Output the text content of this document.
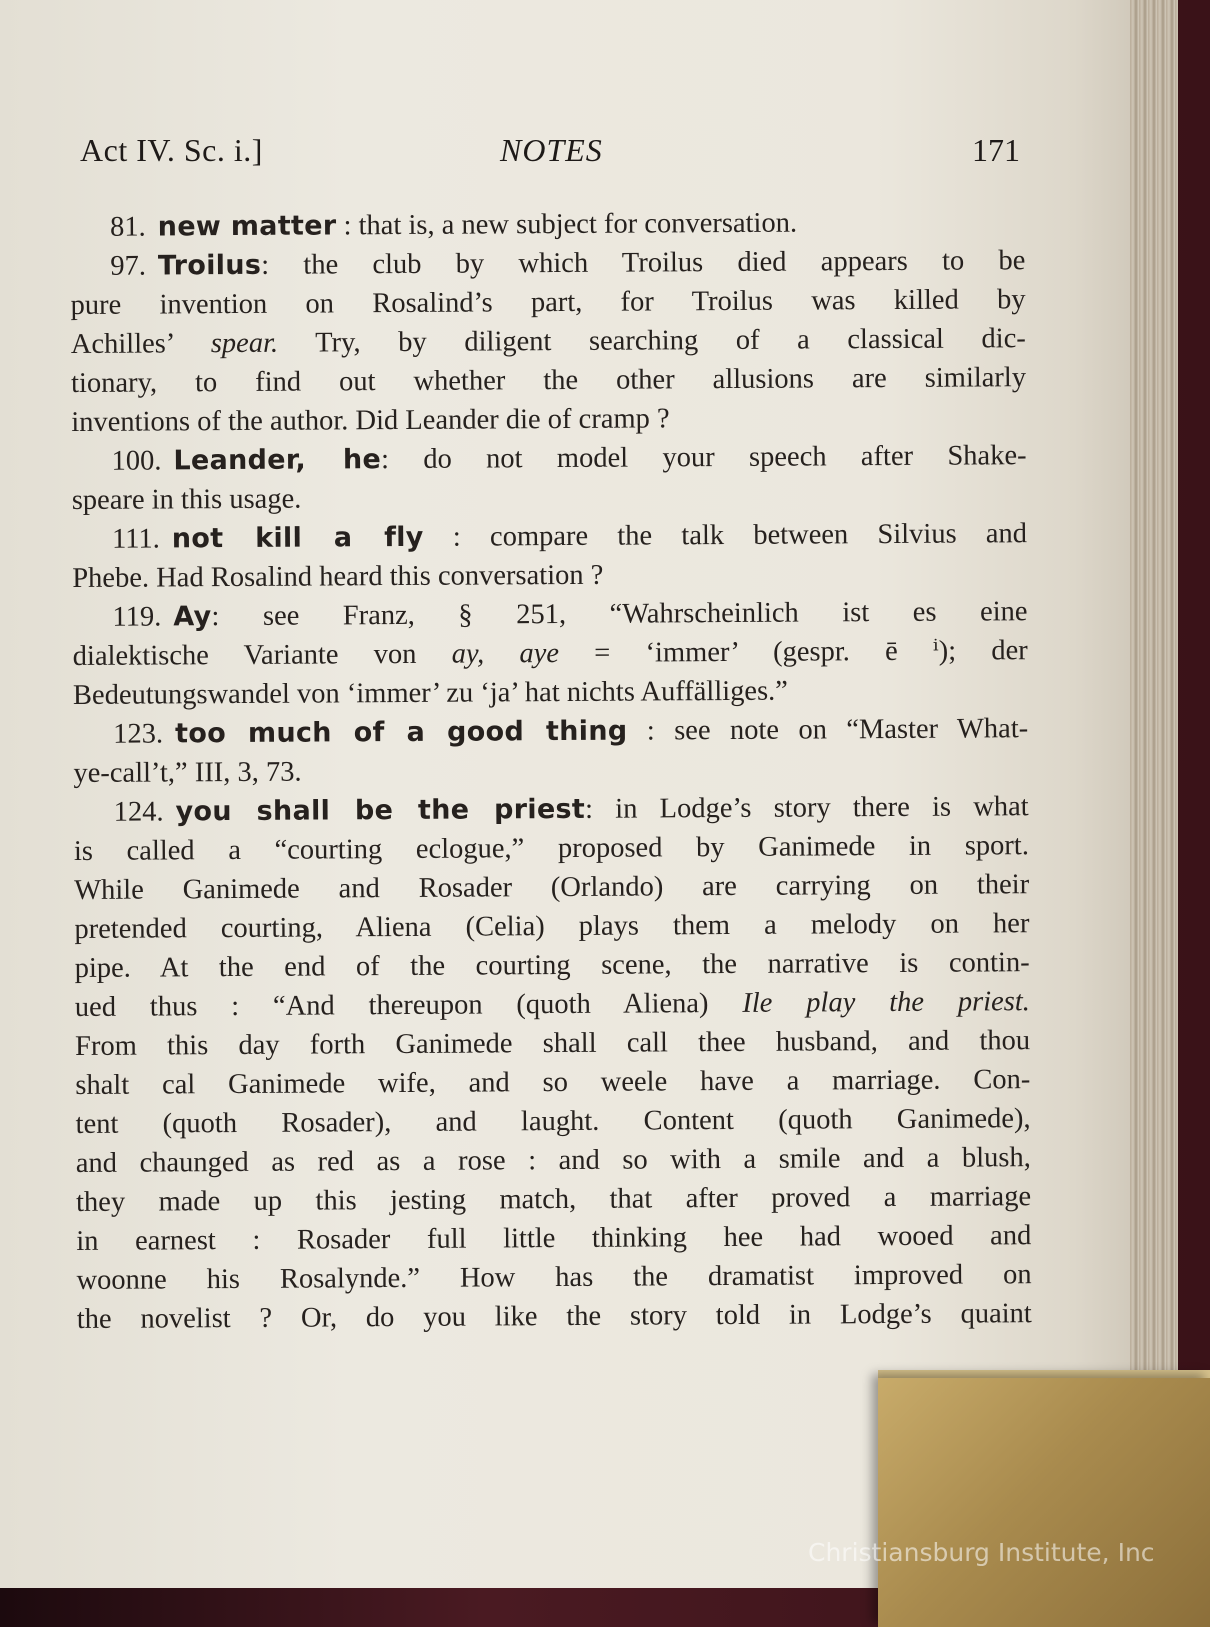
Act IV. Sc. i.]	NOTES	171
81. new matter : that is, a new subject for conversation.
97. Troilus: the club by which Troilus died appears to be
pure invention on Rosalind’s part, for Troilus was killed by
Achilles’ spear. Try, by diligent searching of a classical dic-
tionary, to find out whether the other allusions are similarly
inventions of the author. Did Leander die of cramp ?
100. Leander, he: do not model your speech after Shake-
speare in this usage.
111. not kill a fly : compare the talk between Silvius and
Phebe. Had Rosalind heard this conversation ?
119. Ay: see Franz, § 251, “Wahrscheinlich ist es eine
dialektische Variante von ay, aye = ‘immer’ (gespr. ē ⁱ); der
Bedeutungswandel von ‘immer’ zu ‘ja’ hat nichts Auffälliges.”
123. too much of a good thing : see note on “Master What-
ye-call’t,” III, 3, 73.
124. you shall be the priest: in Lodge’s story there is what
is called a “courting eclogue,” proposed by Ganimede in sport.
While Ganimede and Rosader (Orlando) are carrying on their
pretended courting, Aliena (Celia) plays them a melody on her
pipe. At the end of the courting scene, the narrative is contin-
ued thus : “And thereupon (quoth Aliena) Ile play the priest.
From this day forth Ganimede shall call thee husband, and thou
shalt cal Ganimede wife, and so weele have a marriage. Con-
tent (quoth Rosader), and laught. Content (quoth Ganimede),
and chaunged as red as a rose : and so with a smile and a blush,
they made up this jesting match, that after proved a marriage
in earnest : Rosader full little thinking hee had wooed and
woonne his Rosalynde.” How has the dramatist improved on
the novelist ? Or, do you like the story told in Lodge’s quaint
Christiansburg Institute, Inc
